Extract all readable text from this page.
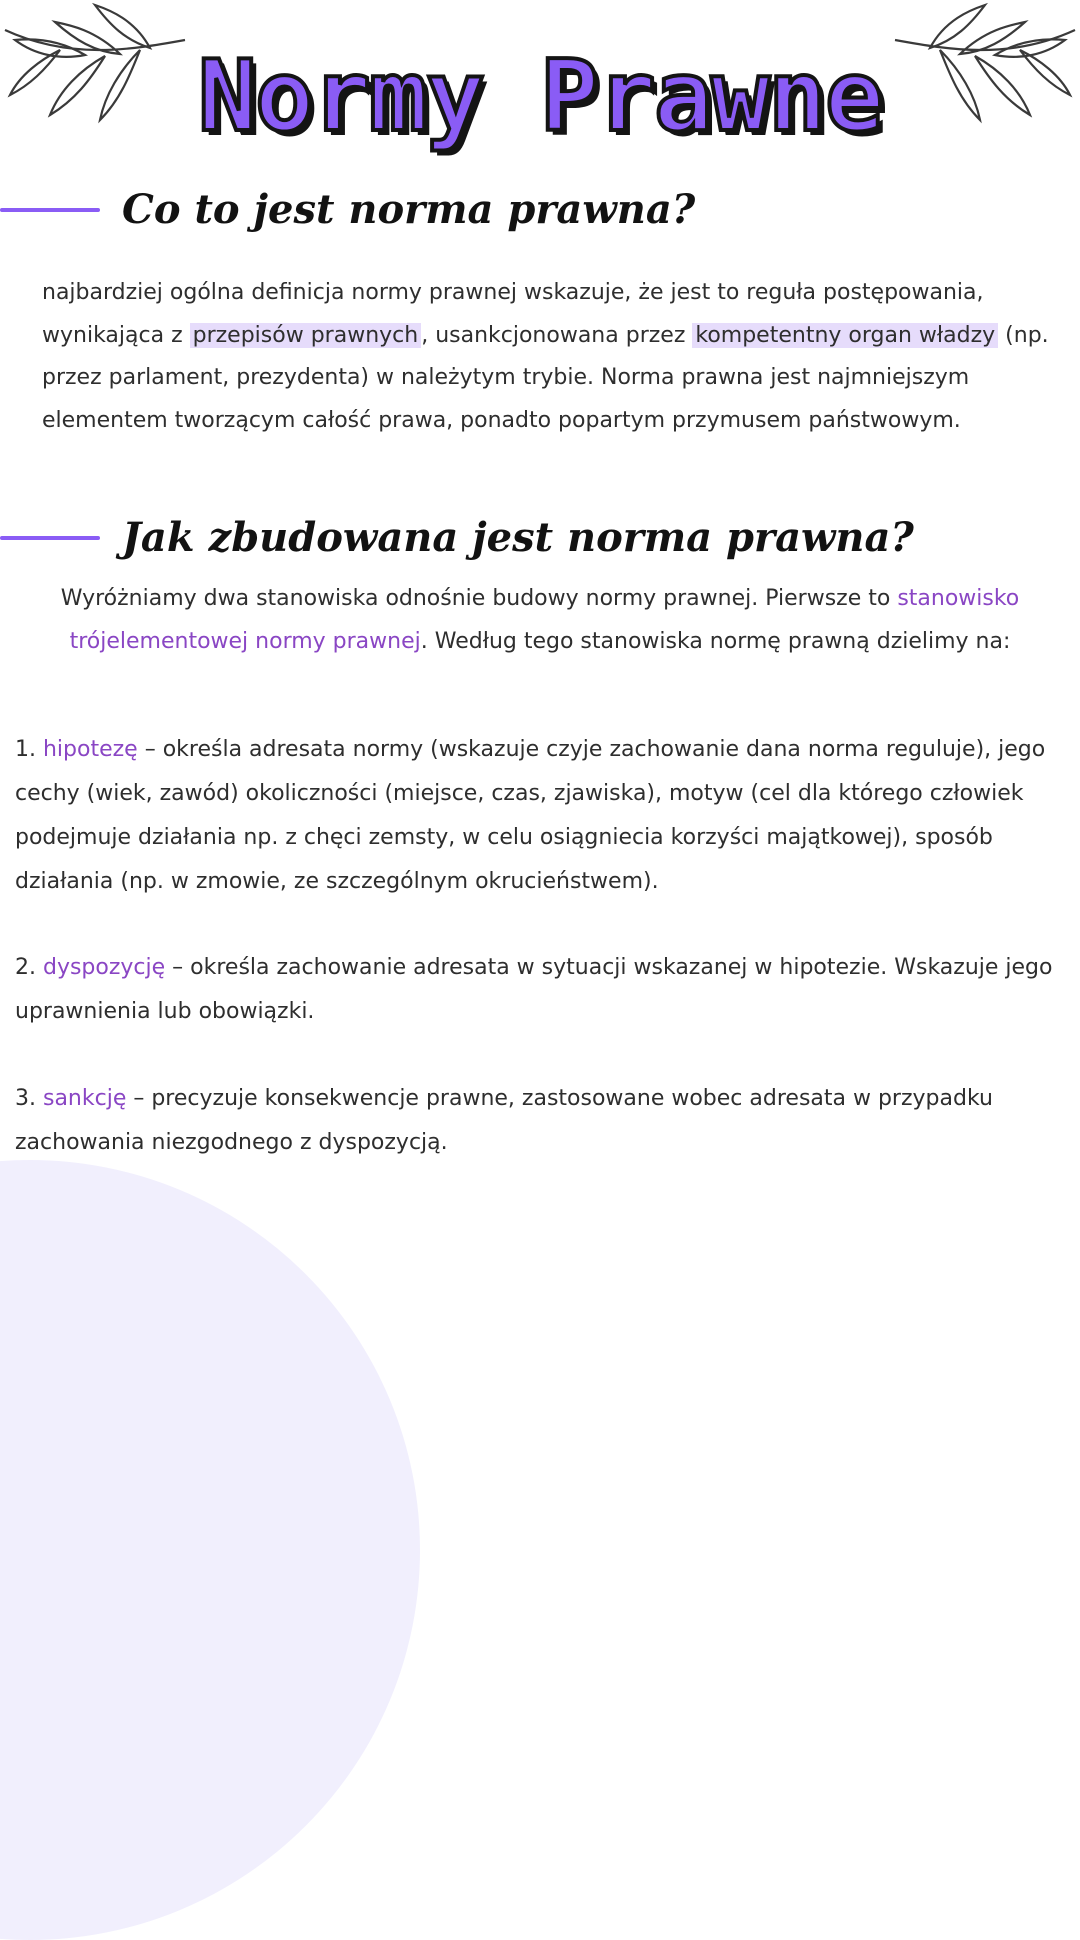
Normy Prawne
Co to jest norma prawna?
najbardziej ogólna definicja normy prawnej wskazuje, że jest to reguła postępowania, wynikająca z przepisów prawnych , usankcjonowana przez kompetentny organ władzy (np. przez parlament, prezydenta) w należytym trybie. Norma prawna jest najmniejszym elementem tworzącym całość prawa, ponadto popartym przymusem państwowym.
Jak zbudowana jest norma prawna?
Wyróżniamy dwa stanowiska odnośnie budowy normy prawnej. Pierwsze to stanowisko trójelementowej normy prawnej. Według tego stanowiska normę prawną dzielimy na:
1. hipotezę – określa adresata normy (wskazuje czyje zachowanie dana norma reguluje), jego cechy (wiek, zawód) okoliczności (miejsce, czas, zjawiska), motyw (cel dla którego człowiek podejmuje działania np. z chęci zemsty, w celu osiągniecia korzyści majątkowej), sposób działania (np. w zmowie, ze szczególnym okrucieństwem).
2. dyspozycję – określa zachowanie adresata w sytuacji wskazanej w hipotezie. Wskazuje jego uprawnienia lub obowiązki.
3. sankcję – precyzuje konsekwencje prawne, zastosowane wobec adresata w przypadku zachowania niezgodnego z dyspozycją.
